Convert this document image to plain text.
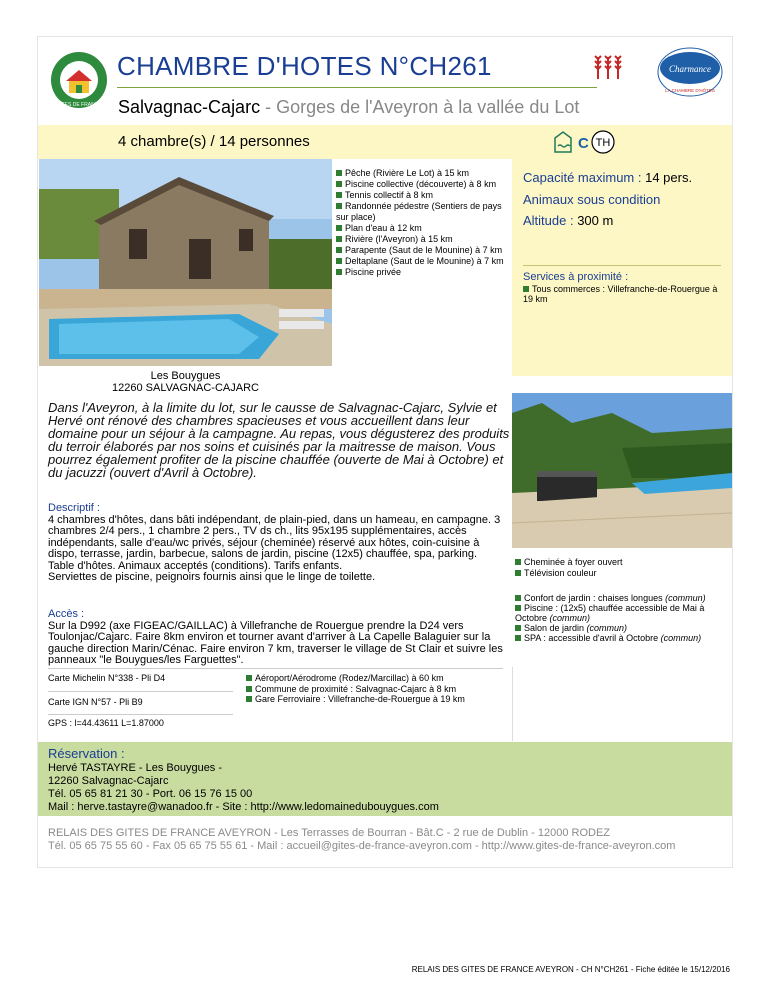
GÎTES DE FRANCE
CHAMBRE D'HOTES N°CH261	Charmance
LA CHAMBRE D'HÔTES
Salvagnac-Cajarc - Gorges de l'Aveyron à la vallée du Lot
4 chambre(s) / 14 personnes	C TH
Les Bouygues
12260 SALVAGNAC-CAJARC
Pêche (Rivière Le Lot) à 15 km
Piscine collective (découverte) à 8 km
Tennis collectif à 8 km
Randonnée pédestre (Sentiers de pays sur place)
Plan d'eau à 12 km
Rivière (l'Aveyron) à 15 km
Parapente (Saut de le Mounine) à 7 km
Deltaplane (Saut de le Mounine) à 7 km
Piscine privée
Capacité maximum : 14 pers.
Animaux sous condition
Altitude : 300 m
Services à proximité :
Tous commerces : Villefranche-de-Rouergue à 19 km
Dans l'Aveyron, à la limite du lot, sur le causse de Salvagnac-Cajarc, Sylvie et Hervé ont rénové des chambres spacieuses et vous accueillent dans leur domaine pour un séjour à la campagne. Au repas, vous dégusterez des produits du terroir élaborés par nos soins et cuisinés par la maitresse de maison. Vous pourrez également profiter de la piscine chauffée (ouverte de Mai à Octobre) et du jacuzzi (ouvert d'Avril à Octobre).
Descriptif :
4 chambres d'hôtes, dans bâti indépendant, de plain-pied, dans un hameau, en campagne. 3 chambres 2/4 pers., 1 chambre 2 pers., TV ds ch., lits 95x195 supplémentaires, accès indépendants, salle d'eau/wc privés, séjour (cheminée) réservé aux hôtes, coin-cuisine à dispo, terrasse, jardin, barbecue, salons de jardin, piscine (12x5) chauffée, spa, parking. Table d'hôtes. Animaux acceptés (conditions). Tarifs enfants.
Serviettes de piscine, peignoirs fournis ainsi que le linge de toilette.
Cheminée à foyer ouvert
Télévision couleur
Confort de jardin : chaises longues (commun)
Piscine : (12x5) chauffée accessible de Mai à Octobre (commun)
Salon de jardin (commun)
SPA : accessible d'avril à Octobre (commun)
Accès :
Sur la D992 (axe FIGEAC/GAILLAC) à Villefranche de Rouergue prendre la D24 vers Toulonjac/Cajarc. Faire 8km environ et tourner avant d'arriver à La Capelle Balaguier sur la gauche direction Marin/Cénac. Faire environ 7 km, traverser le village de St Clair et suivre les panneaux "le Bouygues/les Farguettes".
Carte Michelin N°338 - Pli D4
Carte IGN N°57 - Pli B9
Aéroport/Aérodrome (Rodez/Marcillac) à 60 km
Commune de proximité : Salvagnac-Cajarc à 8 km
Gare Ferroviaire : Villefranche-de-Rouergue à 19 km
GPS : l=44.43611 L=1.87000
Réservation :
Hervé TASTAYRE - Les Bouygues -
12260 Salvagnac-Cajarc
Tél. 05 65 81 21 30 - Port. 06 15 76 15 00
Mail : herve.tastayre@wanadoo.fr - Site : http://www.ledomainedubouygues.com
RELAIS DES GITES DE FRANCE AVEYRON - Les Terrasses de Bourran - Bât.C - 2 rue de Dublin - 12000 RODEZ
Tél. 05 65 75 55 60 - Fax 05 65 75 55 61 - Mail : accueil@gites-de-france-aveyron.com - http://www.gites-de-france-aveyron.com
RELAIS DES GITES DE FRANCE AVEYRON - CH N°CH261 - Fiche éditée le 15/12/2016
